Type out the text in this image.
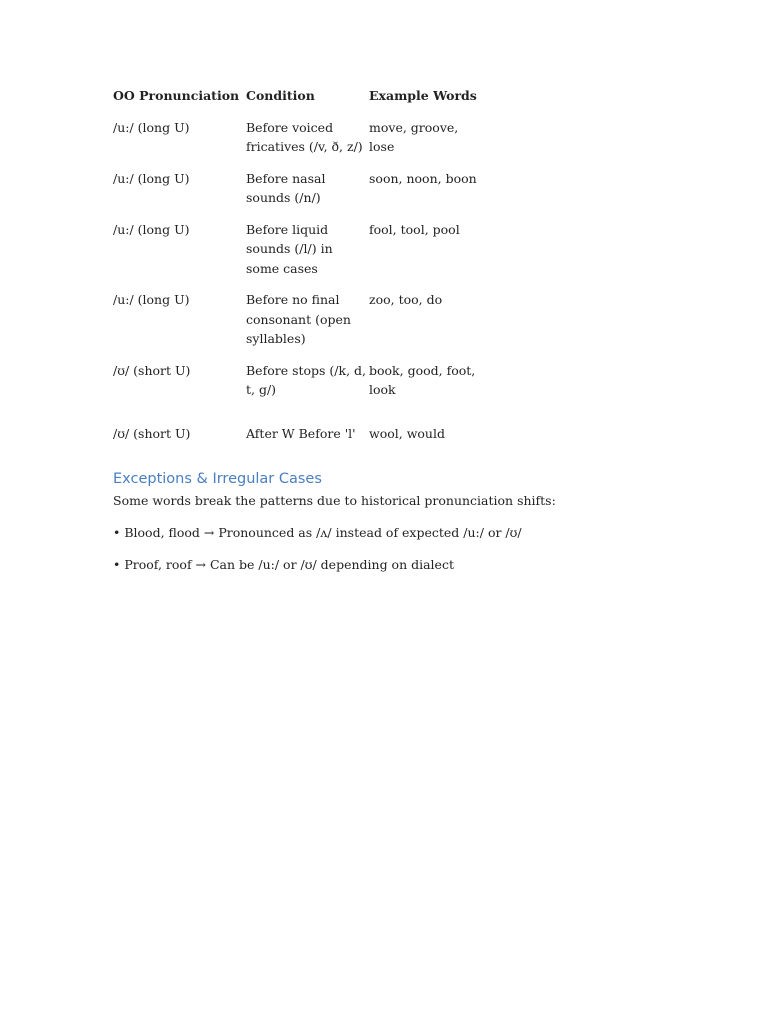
OO Pronunciation	Condition	Example Words
/u:/ (long U)	Before voiced fricatives (/v, ð, z/)	move, groove, lose
/u:/ (long U)	Before nasal sounds (/n/)	soon, noon, boon
/u:/ (long U)	Before liquid sounds (/l/) in some cases	fool, tool, pool
/u:/ (long U)	Before no final consonant (open syllables)	zoo, too, do
/ʊ/ (short U)	Before stops (/k, d, t, g/)	book, good, foot, look
/ʊ/ (short U)	After W Before 'l'	wool, would
Exceptions & Irregular Cases

Some words break the patterns due to historical pronunciation shifts:

• Blood, flood → Pronounced as /ʌ/ instead of expected /u:/ or /ʊ/

• Proof, roof → Can be /u:/ or /ʊ/ depending on dialect
